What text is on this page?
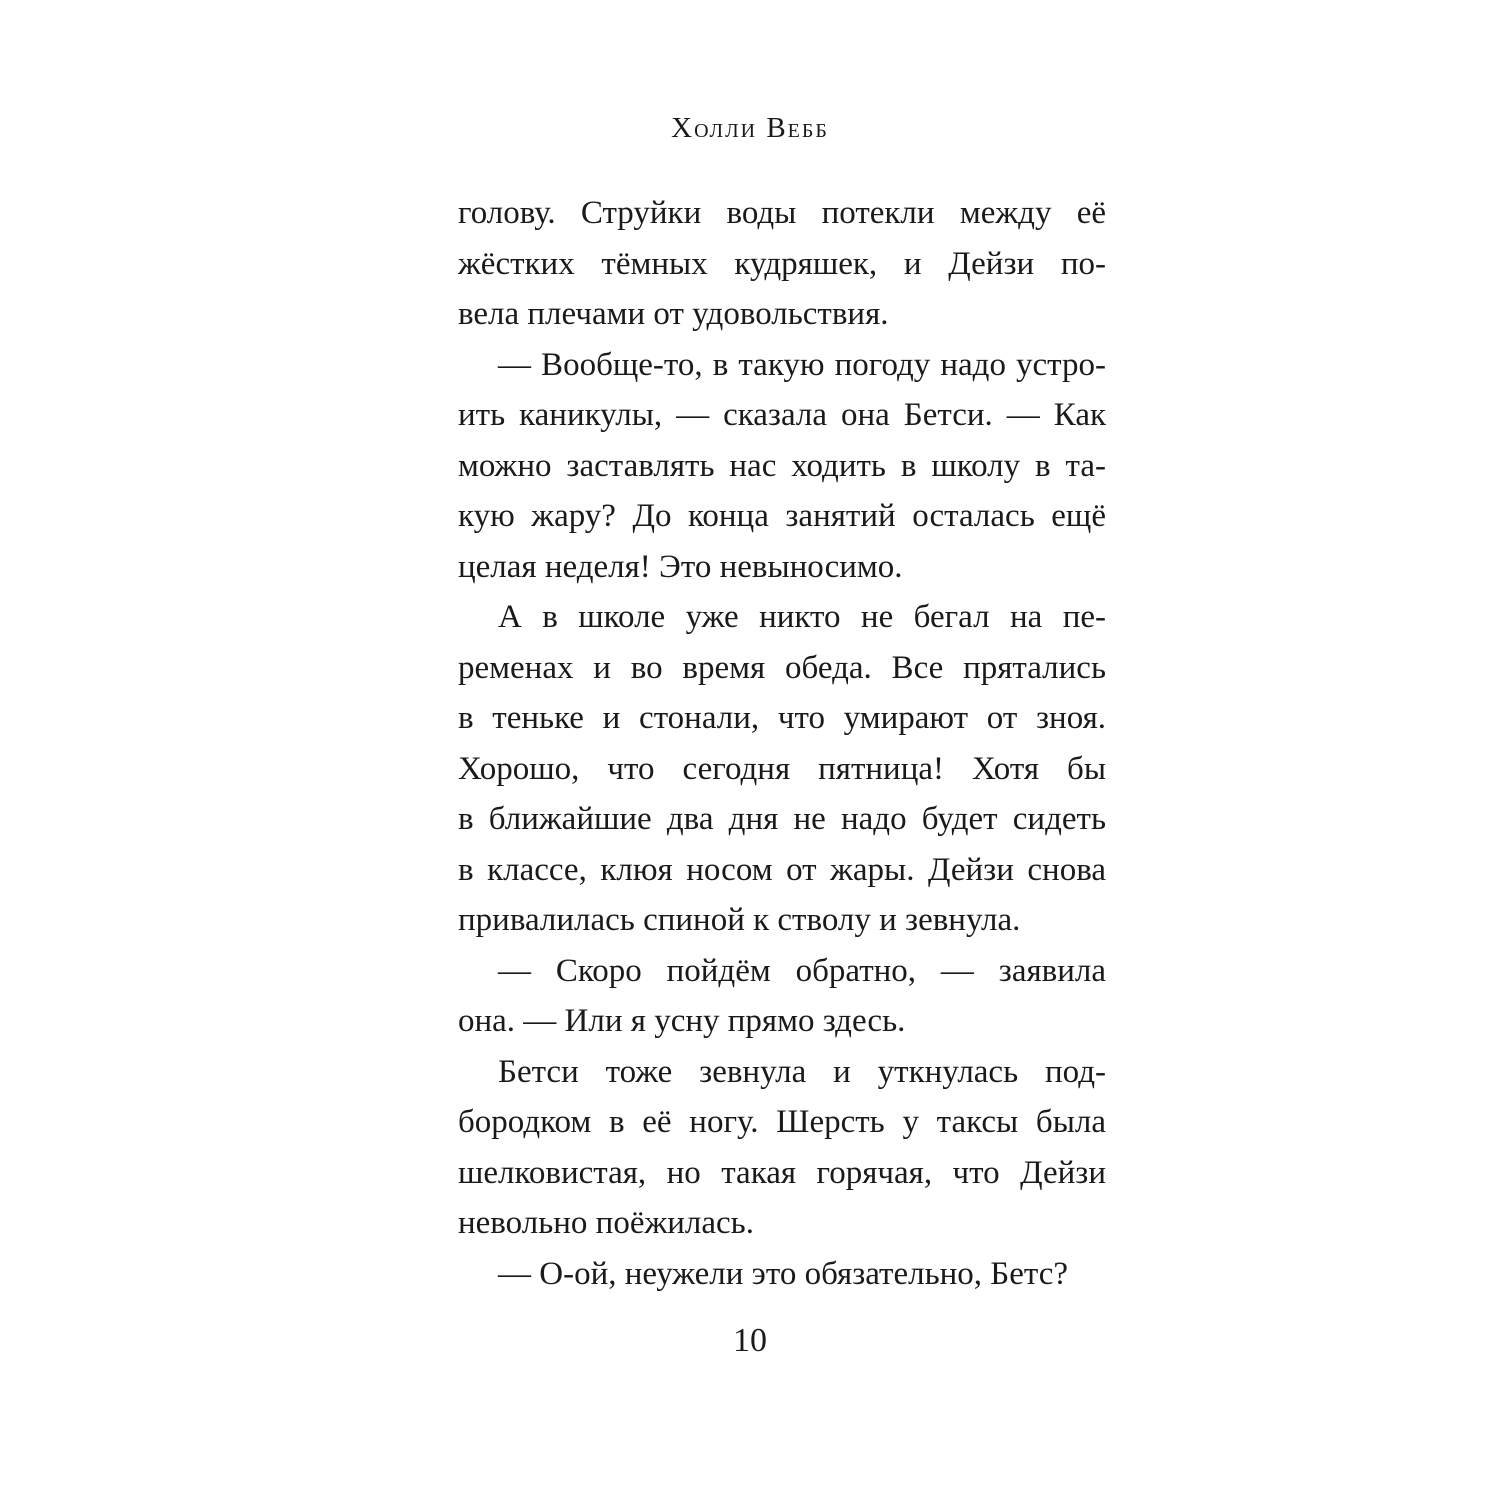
Холли Вебб
голову. Струйки воды потекли между её
жёстких тёмных кудряшек, и Дейзи по-
вела плечами от удовольствия.
— Вообще-то, в такую погоду надо устро-
ить каникулы, — сказала она Бетси. — Как
можно заставлять нас ходить в школу в та-
кую жару? До конца занятий осталась ещё
целая неделя! Это невыносимо.
А в школе уже никто не бегал на пе-
ременах и во время обеда. Все прятались
в теньке и стонали, что умирают от зноя.
Хорошо, что сегодня пятница! Хотя бы
в ближайшие два дня не надо будет сидеть
в классе, клюя носом от жары. Дейзи снова
привалилась спиной к стволу и зевнула.
— Скоро пойдём обратно, — заявила
она. — Или я усну прямо здесь.
Бетси тоже зевнула и уткнулась под-
бородком в её ногу. Шерсть у таксы была
шелковистая, но такая горячая, что Дейзи
невольно поёжилась.
— О-ой, неужели это обязательно, Бетс?
10
